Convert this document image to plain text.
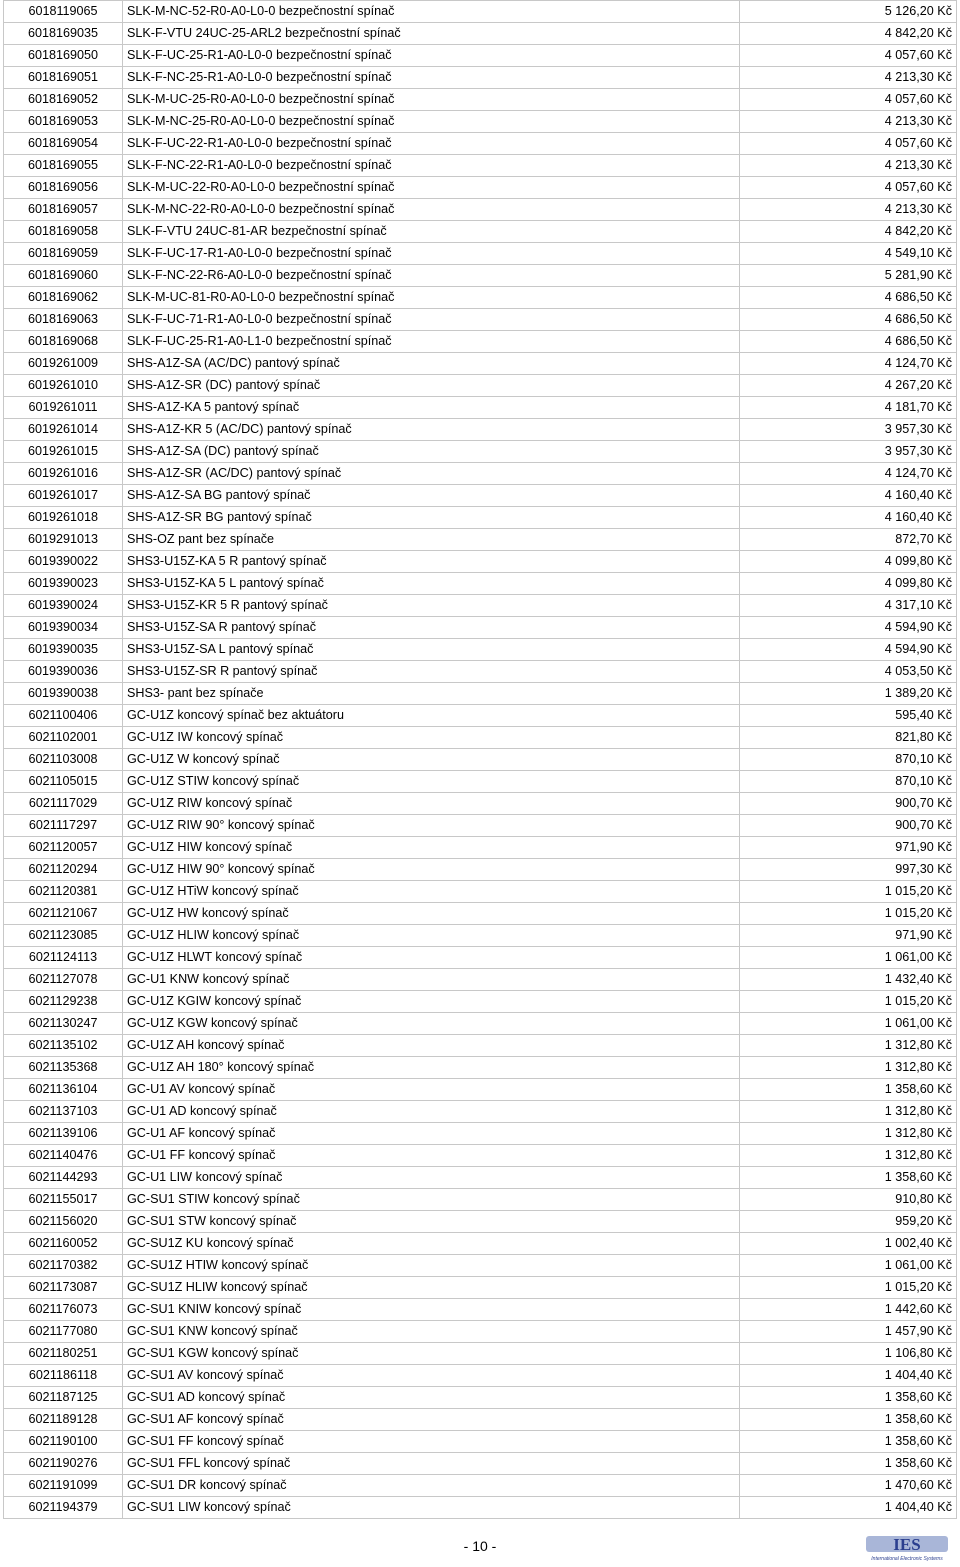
6018119065	SLK-M-NC-52-R0-A0-L0-0 bezpečnostní spínač	5 126,20 Kč
6018169035	SLK-F-VTU 24UC-25-ARL2 bezpečnostní spínač	4 842,20 Kč
6018169050	SLK-F-UC-25-R1-A0-L0-0 bezpečnostní spínač	4 057,60 Kč
6018169051	SLK-F-NC-25-R1-A0-L0-0 bezpečnostní spínač	4 213,30 Kč
6018169052	SLK-M-UC-25-R0-A0-L0-0 bezpečnostní spínač	4 057,60 Kč
6018169053	SLK-M-NC-25-R0-A0-L0-0 bezpečnostní spínač	4 213,30 Kč
6018169054	SLK-F-UC-22-R1-A0-L0-0 bezpečnostní spínač	4 057,60 Kč
6018169055	SLK-F-NC-22-R1-A0-L0-0 bezpečnostní spínač	4 213,30 Kč
6018169056	SLK-M-UC-22-R0-A0-L0-0 bezpečnostní spínač	4 057,60 Kč
6018169057	SLK-M-NC-22-R0-A0-L0-0 bezpečnostní spínač	4 213,30 Kč
6018169058	SLK-F-VTU 24UC-81-AR bezpečnostní spínač	4 842,20 Kč
6018169059	SLK-F-UC-17-R1-A0-L0-0 bezpečnostní spínač	4 549,10 Kč
6018169060	SLK-F-NC-22-R6-A0-L0-0 bezpečnostní spínač	5 281,90 Kč
6018169062	SLK-M-UC-81-R0-A0-L0-0 bezpečnostní spínač	4 686,50 Kč
6018169063	SLK-F-UC-71-R1-A0-L0-0 bezpečnostní spínač	4 686,50 Kč
6018169068	SLK-F-UC-25-R1-A0-L1-0 bezpečnostní spínač	4 686,50 Kč
6019261009	SHS-A1Z-SA (AC/DC) pantový spínač	4 124,70 Kč
6019261010	SHS-A1Z-SR (DC) pantový spínač	4 267,20 Kč
6019261011	SHS-A1Z-KA 5 pantový spínač	4 181,70 Kč
6019261014	SHS-A1Z-KR 5 (AC/DC) pantový spínač	3 957,30 Kč
6019261015	SHS-A1Z-SA (DC) pantový spínač	3 957,30 Kč
6019261016	SHS-A1Z-SR (AC/DC) pantový spínač	4 124,70 Kč
6019261017	SHS-A1Z-SA BG pantový spínač	4 160,40 Kč
6019261018	SHS-A1Z-SR BG pantový spínač	4 160,40 Kč
6019291013	SHS-OZ pant bez spínače	872,70 Kč
6019390022	SHS3-U15Z-KA 5 R pantový spínač	4 099,80 Kč
6019390023	SHS3-U15Z-KA 5 L pantový spínač	4 099,80 Kč
6019390024	SHS3-U15Z-KR 5 R pantový spínač	4 317,10 Kč
6019390034	SHS3-U15Z-SA R pantový spínač	4 594,90 Kč
6019390035	SHS3-U15Z-SA L pantový spínač	4 594,90 Kč
6019390036	SHS3-U15Z-SR R pantový spínač	4 053,50 Kč
6019390038	SHS3- pant bez spínače	1 389,20 Kč
6021100406	GC-U1Z koncový spínač bez aktuátoru	595,40 Kč
6021102001	GC-U1Z IW koncový spínač	821,80 Kč
6021103008	GC-U1Z W koncový spínač	870,10 Kč
6021105015	GC-U1Z STIW koncový spínač	870,10 Kč
6021117029	GC-U1Z RIW koncový spínač	900,70 Kč
6021117297	GC-U1Z RIW 90° koncový spínač	900,70 Kč
6021120057	GC-U1Z HIW koncový spínač	971,90 Kč
6021120294	GC-U1Z HIW 90° koncový spínač	997,30 Kč
6021120381	GC-U1Z HTiW koncový spínač	1 015,20 Kč
6021121067	GC-U1Z HW koncový spínač	1 015,20 Kč
6021123085	GC-U1Z HLIW koncový spínač	971,90 Kč
6021124113	GC-U1Z HLWT koncový spínač	1 061,00 Kč
6021127078	GC-U1 KNW koncový spínač	1 432,40 Kč
6021129238	GC-U1Z KGIW koncový spínač	1 015,20 Kč
6021130247	GC-U1Z KGW koncový spínač	1 061,00 Kč
6021135102	GC-U1Z AH koncový spínač	1 312,80 Kč
6021135368	GC-U1Z AH 180° koncový spínač	1 312,80 Kč
6021136104	GC-U1 AV koncový spínač	1 358,60 Kč
6021137103	GC-U1 AD koncový spínač	1 312,80 Kč
6021139106	GC-U1 AF koncový spínač	1 312,80 Kč
6021140476	GC-U1 FF koncový spínač	1 312,80 Kč
6021144293	GC-U1 LIW koncový spínač	1 358,60 Kč
6021155017	GC-SU1 STIW koncový spínač	910,80 Kč
6021156020	GC-SU1 STW koncový spínač	959,20 Kč
6021160052	GC-SU1Z KU koncový spínač	1 002,40 Kč
6021170382	GC-SU1Z HTIW koncový spínač	1 061,00 Kč
6021173087	GC-SU1Z HLIW koncový spínač	1 015,20 Kč
6021176073	GC-SU1 KNIW koncový spínač	1 442,60 Kč
6021177080	GC-SU1 KNW koncový spínač	1 457,90 Kč
6021180251	GC-SU1 KGW koncový spínač	1 106,80 Kč
6021186118	GC-SU1 AV koncový spínač	1 404,40 Kč
6021187125	GC-SU1 AD koncový spínač	1 358,60 Kč
6021189128	GC-SU1 AF koncový spínač	1 358,60 Kč
6021190100	GC-SU1 FF koncový spínač	1 358,60 Kč
6021190276	GC-SU1 FFL koncový spínač	1 358,60 Kč
6021191099	GC-SU1 DR koncový spínač	1 470,60 Kč
6021194379	GC-SU1 LIW koncový spínač	1 404,40 Kč
- 10 -	IES
International Electronic Systems
